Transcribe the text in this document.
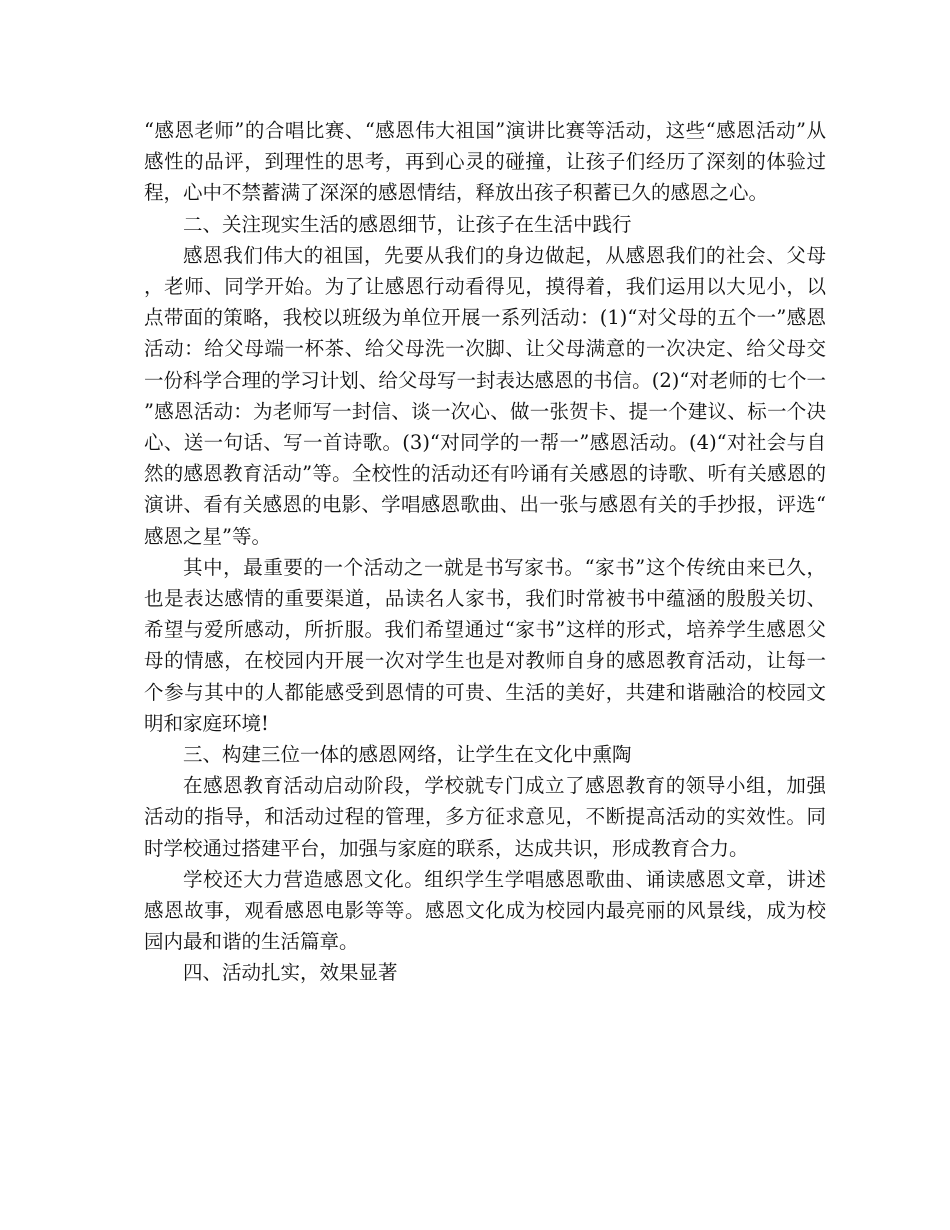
“感恩老师”的合唱比赛、“感恩伟大祖国”演讲比赛等活动，这些“感恩活动”从感性的品评，到理性的思考，再到心灵的碰撞，让孩子们经历了深刻的体验过程，心中不禁蓄满了深深的感恩情结，释放出孩子积蓄已久的感恩之心。

二、关注现实生活的感恩细节，让孩子在生活中践行

感恩我们伟大的祖国，先要从我们的身边做起，从感恩我们的社会、父母，老师、同学开始。为了让感恩行动看得见，摸得着，我们运用以大见小，以点带面的策略，我校以班级为单位开展一系列活动：(1)“对父母的五个一”感恩活动：给父母端一杯茶、给父母洗一次脚、让父母满意的一次决定、给父母交一份科学合理的学习计划、给父母写一封表达感恩的书信。(2)“对老师的七个一”感恩活动：为老师写一封信、谈一次心、做一张贺卡、提一个建议、标一个决心、送一句话、写一首诗歌。(3)“对同学的一帮一”感恩活动。(4)“对社会与自然的感恩教育活动”等。全校性的活动还有吟诵有关感恩的诗歌、听有关感恩的演讲、看有关感恩的电影、学唱感恩歌曲、出一张与感恩有关的手抄报，评选“感恩之星”等。

其中，最重要的一个活动之一就是书写家书。“家书”这个传统由来已久，也是表达感情的重要渠道，品读名人家书，我们时常被书中蕴涵的殷殷关切、希望与爱所感动，所折服。我们希望通过“家书”这样的形式，培养学生感恩父母的情感，在校园内开展一次对学生也是对教师自身的感恩教育活动，让每一个参与其中的人都能感受到恩情的可贵、生活的美好，共建和谐融洽的校园文明和家庭环境!

三、构建三位一体的感恩网络，让学生在文化中熏陶

在感恩教育活动启动阶段，学校就专门成立了感恩教育的领导小组，加强活动的指导，和活动过程的管理，多方征求意见，不断提高活动的实效性。同时学校通过搭建平台，加强与家庭的联系，达成共识，形成教育合力。

学校还大力营造感恩文化。组织学生学唱感恩歌曲、诵读感恩文章，讲述感恩故事，观看感恩电影等等。感恩文化成为校园内最亮丽的风景线，成为校园内最和谐的生活篇章。

四、活动扎实，效果显著
